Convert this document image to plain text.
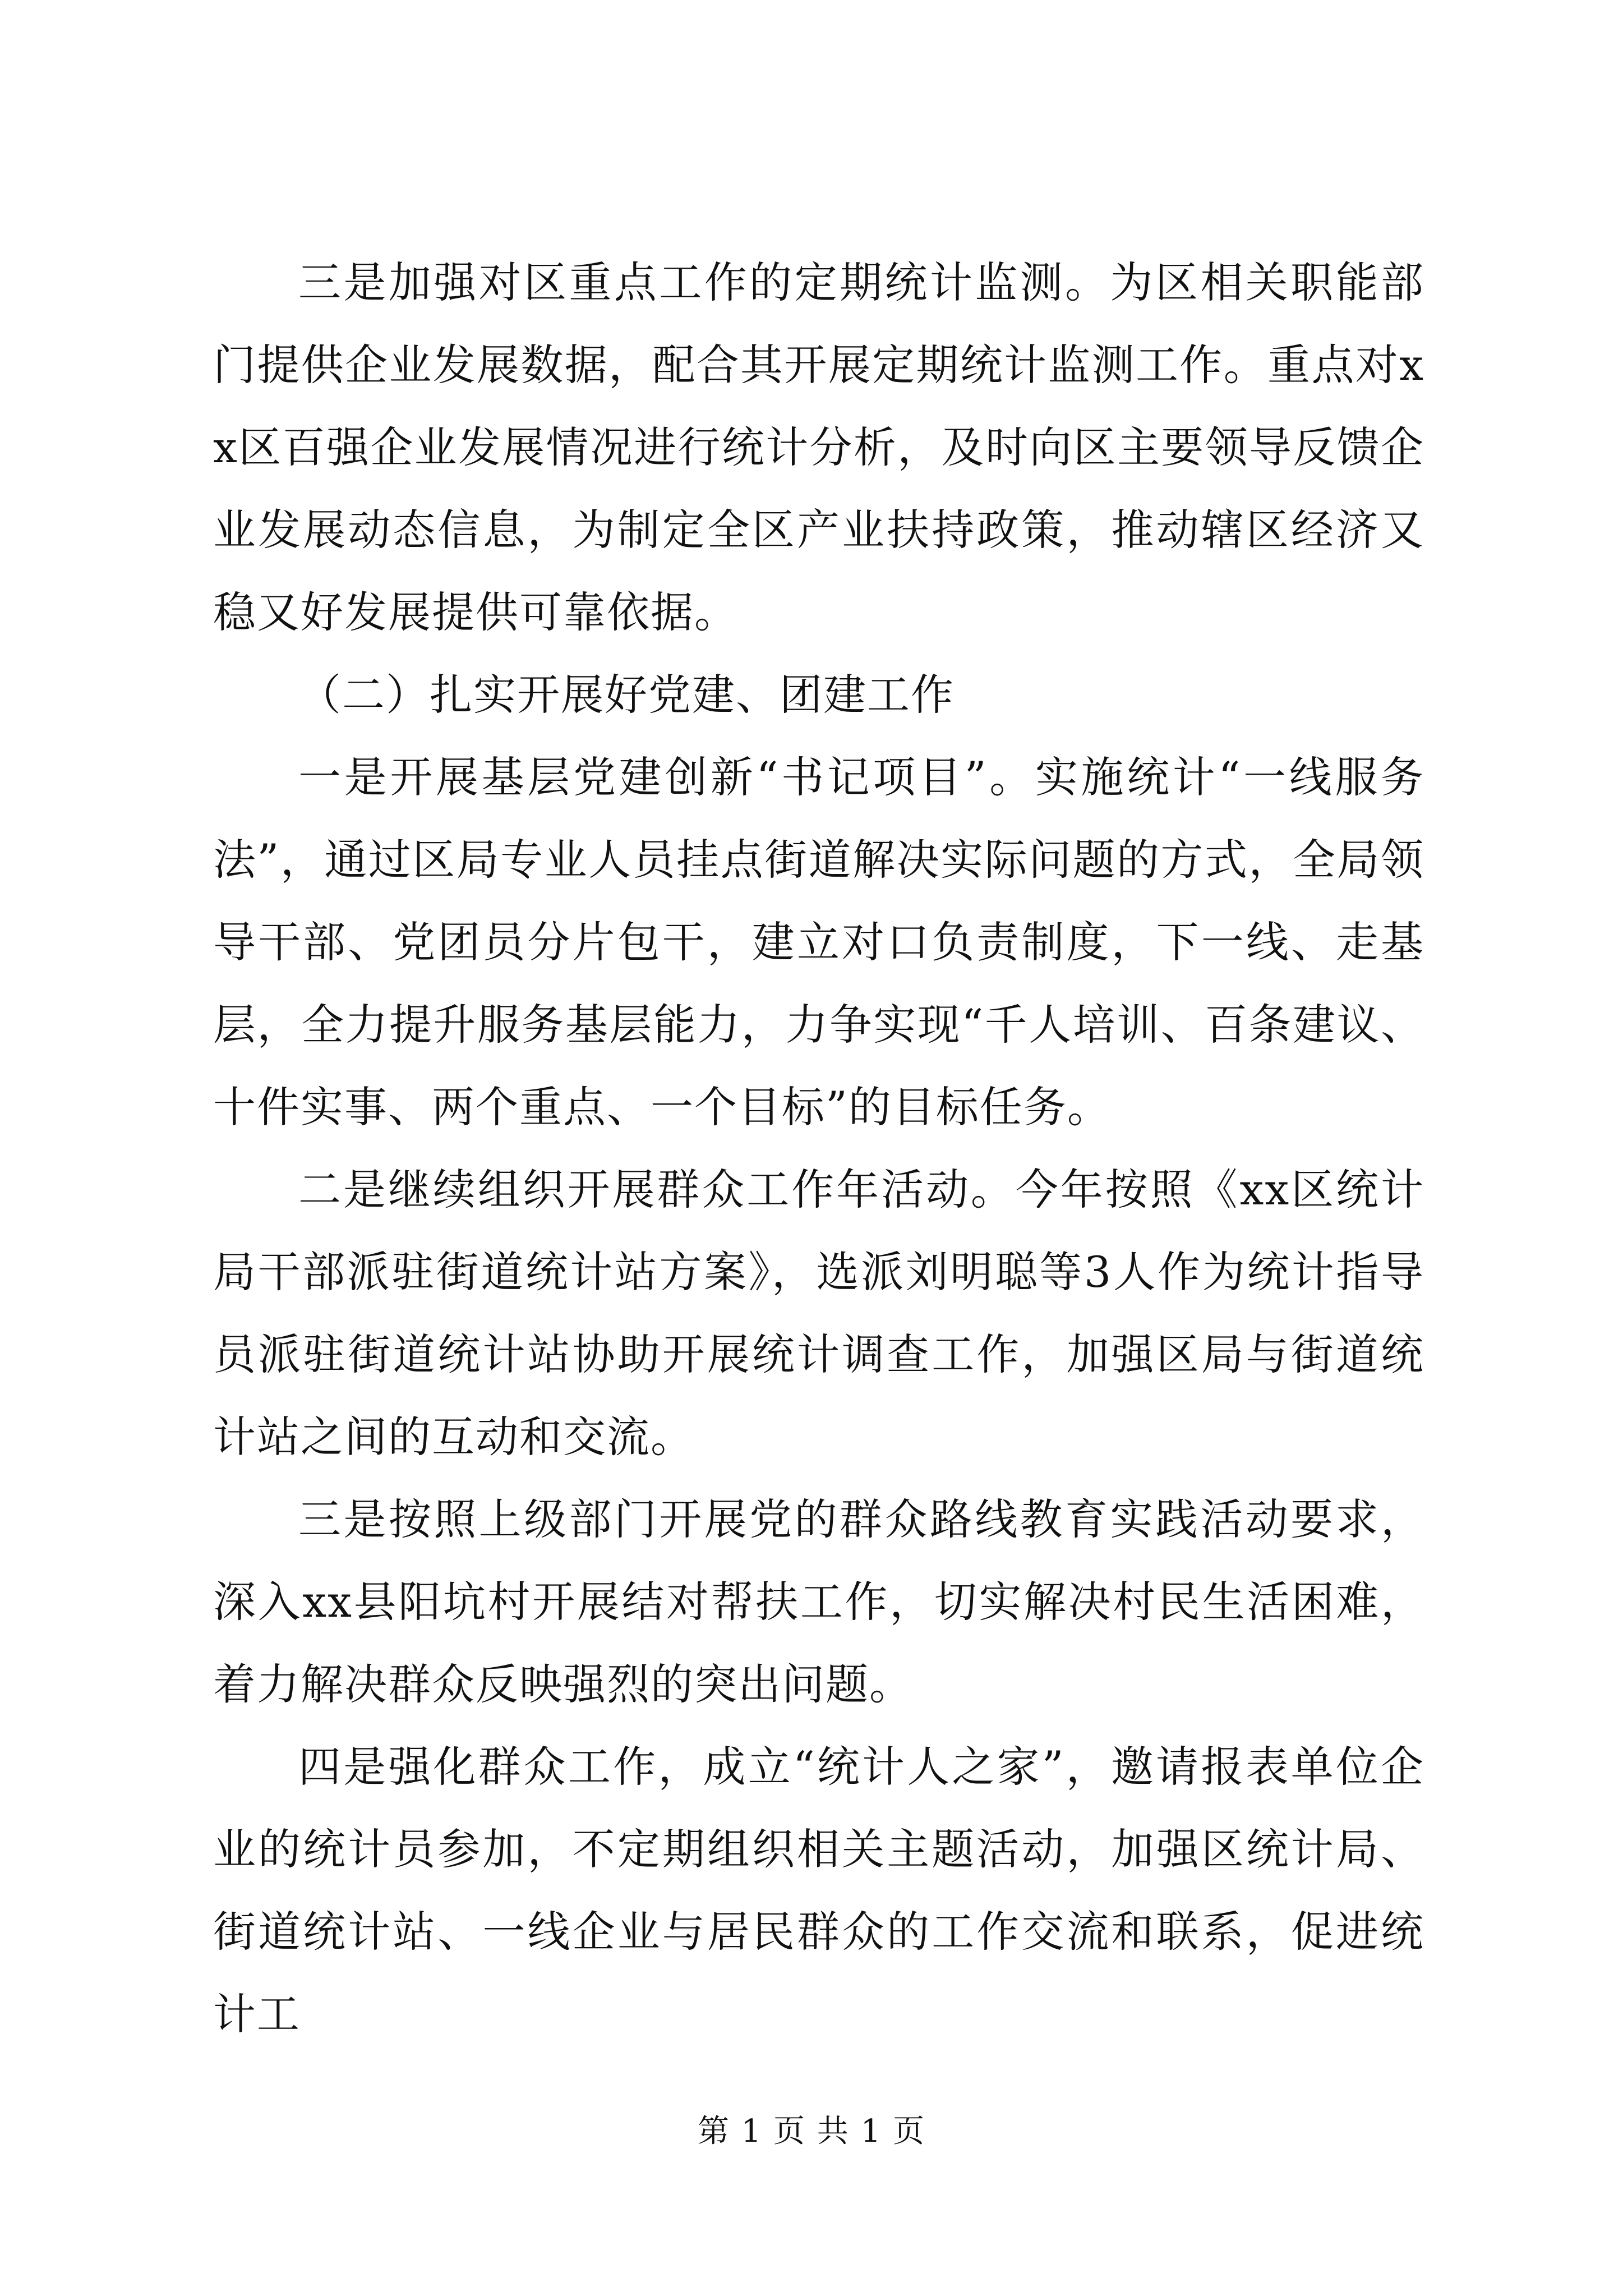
三是加强对区重点工作的定期统计监测。为区相关职能部门提供企业发展数据，配合其开展定期统计监测工作。重点对xx区百强企业发展情况进行统计分析，及时向区主要领导反馈企业发展动态信息，为制定全区产业扶持政策，推动辖区经济又稳又好发展提供可靠依据。

（二）扎实开展好党建、团建工作

一是开展基层党建创新“书记项目”。实施统计“一线服务法”，通过区局专业人员挂点街道解决实际问题的方式，全局领导干部、党团员分片包干，建立对口负责制度，下一线、走基层，全力提升服务基层能力，力争实现“千人培训、百条建议、十件实事、两个重点、一个目标”的目标任务。

二是继续组织开展群众工作年活动。今年按照《xx区统计局干部派驻街道统计站方案》，选派刘明聪等3人作为统计指导员派驻街道统计站协助开展统计调查工作，加强区局与街道统计站之间的互动和交流。

三是按照上级部门开展党的群众路线教育实践活动要求，深入xx县阳坑村开展结对帮扶工作，切实解决村民生活困难，着力解决群众反映强烈的突出问题。

四是强化群众工作，成立“统计人之家”，邀请报表单位企业的统计员参加，不定期组织相关主题活动，加强区统计局、街道统计站、一线企业与居民群众的工作交流和联系，促进统计工

第 1 页 共 1 页
